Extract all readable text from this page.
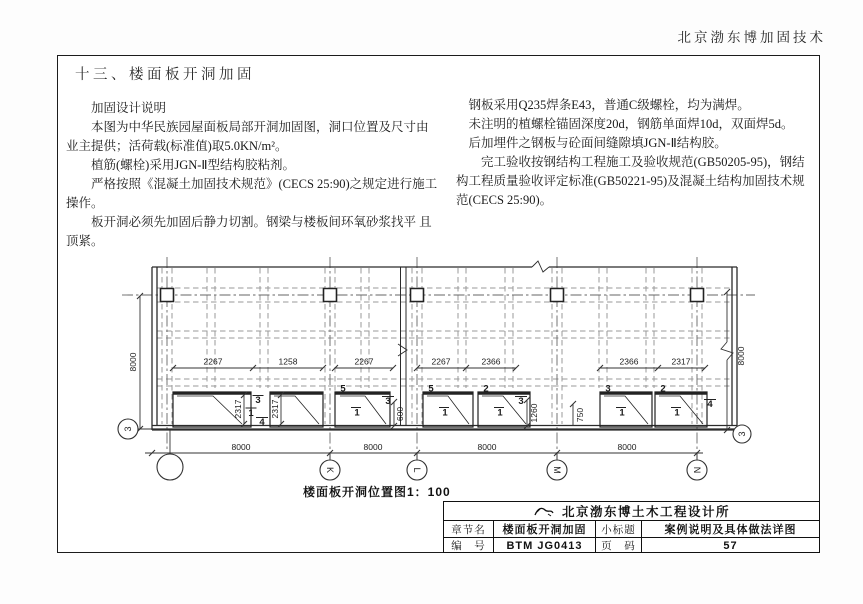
北京渤东博加固技术
十三、楼面板开洞加固

加固设计说明

本图为中华民族园屋面板局部开洞加固图，洞口位置及尺寸由业主提供；活荷载(标准值)取5.0KN/m²。

植筋(螺栓)采用JGN-Ⅱ型结构胶粘剂。

严格按照《混凝土加固技术规范》(CECS 25:90)之规定进行施工操作。

板开洞必须先加固后静力切割。钢梁与楼板间环氧砂浆找平 且顶紧。

钢板采用Q235焊条E43，普通C级螺栓，均为满焊。

未注明的植螺栓锚固深度20d，钢筋单面焊10d，双面焊5d。

后加埋件之钢板与砼面间缝隙填JGN-Ⅱ结构胶。

完工验收按钢结构工程施工及验收规范(GB50205-95)，钢结构工程质量验收评定标准(GB50221-95)及混凝土结构加固技术规范(CECS 25:90)。

2267	1258	2267	2267	2366	2366	2317
8000	8000	8000	8000
2317	2317	600	1260	750
8000	8000
3
1
4
5
1
3
5
1
2
1
3
3
1
2
1
4
K	L	M	N
3
3
楼面板开洞位置图1：100
北京渤东博土木工程设计所
章节名	楼面板开洞加固	小标题	案例说明及具体做法详图
编　号	BTM JG0413	页　码	57
